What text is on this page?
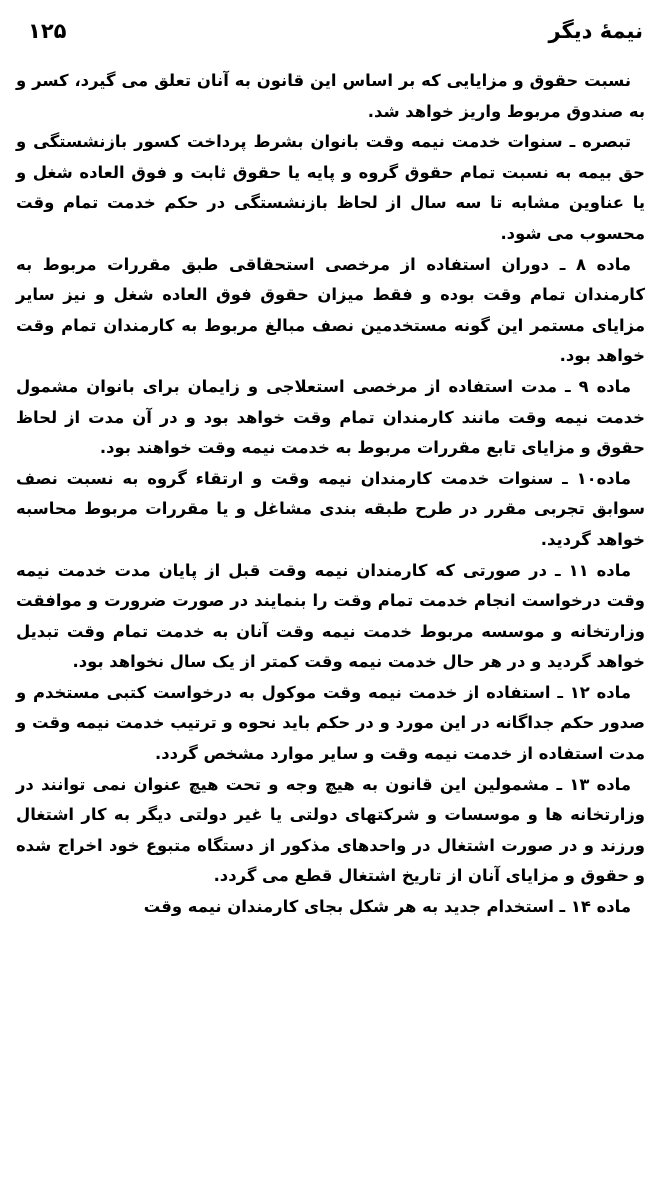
نیمهٔ دیگر
۱۲۵

نسبت حقوق و مزایایی که بر اساس این قانون به آنان تعلق می گیرد، کسر و به صندوق مربوط واریز خواهد شد.

تبصره ـ سنوات خدمت نیمه وقت بانوان بشرط پرداخت کسور بازنشستگی و حق بیمه به نسبت تمام حقوق گروه و پایه یا حقوق ثابت و فوق العاده شغل و یا عناوین مشابه تا سه سال از لحاظ بازنشستگی در حکم خدمت تمام وقت محسوب می شود.

ماده ۸ ـ دوران استفاده از مرخصی استحقاقی طبق مقررات مربوط به کارمندان تمام وقت بوده و فقط میزان حقوق فوق العاده شغل و نیز سایر مزایای مستمر این گونه مستخدمین نصف مبالغ مربوط به کارمندان تمام وقت خواهد بود.

ماده ۹ ـ مدت استفاده از مرخصی استعلاجی و زایمان برای بانوان مشمول خدمت نیمه وقت مانند کارمندان تمام وقت خواهد بود و در آن مدت از لحاظ حقوق و مزایای تابع مقررات مربوط به خدمت نیمه وقت خواهند بود.

ماده۱۰ ـ سنوات خدمت کارمندان نیمه وقت و ارتقاء گروه به نسبت نصف سوابق تجربی مقرر در طرح طبقه بندی مشاغل و یا مقررات مربوط محاسبه خواهد گردید.

ماده ۱۱ ـ در صورتی که کارمندان نیمه وقت قبل از پایان مدت خدمت نیمه وقت درخواست انجام خدمت تمام وقت را بنمایند در صورت ضرورت و موافقت وزارتخانه و موسسه مربوط خدمت نیمه وقت آنان به خدمت تمام وقت تبدیل خواهد گردید و در هر حال خدمت نیمه وقت کمتر از یک سال نخواهد بود.

ماده ۱۲ ـ استفاده از خدمت نیمه وقت موکول به درخواست کتبی مستخدم و صدور حکم جداگانه در این مورد و در حکم باید نحوه و ترتیب خدمت نیمه وقت و مدت استفاده از خدمت نیمه وقت و سایر موارد مشخص گردد.

ماده ۱۳ ـ مشمولین این قانون به هیچ وجه و تحت هیچ عنوان نمی توانند در وزارتخانه ها و موسسات و شرکتهای دولتی یا غیر دولتی دیگر به کار اشتغال ورزند و در صورت اشتغال در واحدهای مذکور از دستگاه متبوع خود اخراج شده و حقوق و مزایای آنان از تاریخ اشتغال قطع می گردد.

ماده ۱۴ ـ استخدام جدید به هر شکل بجای کارمندان نیمه وقت
